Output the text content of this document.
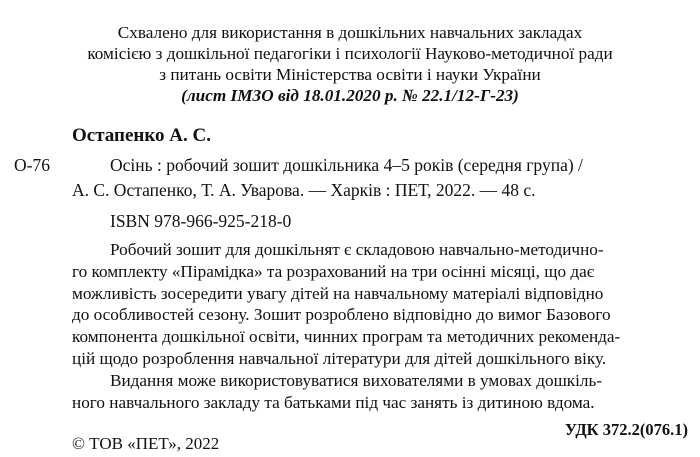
Схвалено для використання в дошкільних навчальних закладах
комісією з дошкільної педагогіки і психології Науково-методичної ради
з питань освіти Міністерства освіти і науки України
(лист ІМЗО від 18.01.2020 р. № 22.1/12-Г-23)
Остапенко А. С.
О-76	Осінь : робочий зошит дошкільника 4–5 років (середня група) /
А. С. Остапенко, Т. А. Уварова. — Харків : ПЕТ, 2022. — 48 с.
ISBN 978-966-925-218-0
Робочий зошит для дошкільнят є складовою навчально-методично-
го комплекту «Пірамідка» та розрахований на три осінні місяці, що дає
можливість зосередити увагу дітей на навчальному матеріалі відповідно
до особливостей сезону. Зошит розроблено відповідно до вимог Базового
компонента дошкільної освіти, чинних програм та методичних рекоменда-
цій щодо розроблення навчальної літератури для дітей дошкільного віку.
Видання може використовуватися вихователями в умовах дошкіль-
ного навчального закладу та батьками під час занять із дитиною вдома.
УДК 372.2(076.1)
© ТОВ «ПЕТ», 2022
